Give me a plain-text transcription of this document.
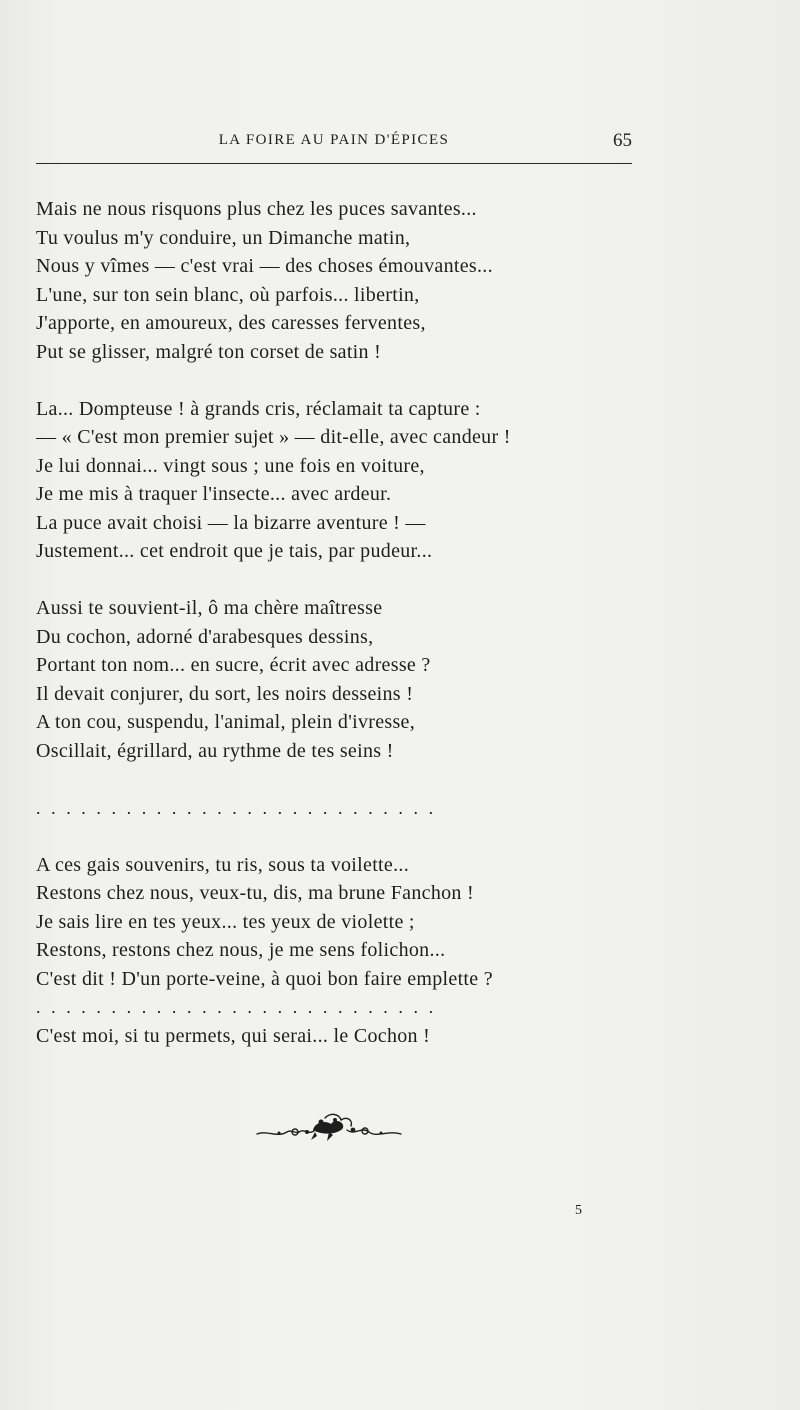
LA FOIRE AU PAIN D'ÉPICES	65
Mais ne nous risquons plus chez les puces savantes...
Tu voulus m'y conduire, un Dimanche matin,
Nous y vîmes — c'est vrai — des choses émouvantes...
L'une, sur ton sein blanc, où parfois... libertin,
J'apporte, en amoureux, des caresses ferventes,
Put se glisser, malgré ton corset de satin !
La... Dompteuse ! à grands cris, réclamait ta capture :
— « C'est mon premier sujet » — dit-elle, avec candeur !
Je lui donnai... vingt sous ; une fois en voiture,
Je me mis à traquer l'insecte... avec ardeur.
La puce avait choisi — la bizarre aventure ! —
Justement... cet endroit que je tais, par pudeur...
Aussi te souvient-il, ô ma chère maîtresse
Du cochon, adorné d'arabesques dessins,
Portant ton nom... en sucre, écrit avec adresse ?
Il devait conjurer, du sort, les noirs desseins !
A ton cou, suspendu, l'animal, plein d'ivresse,
Oscillait, égrillard, au rythme de tes seins !
...........................
A ces gais souvenirs, tu ris, sous ta voilette...
Restons chez nous, veux-tu, dis, ma brune Fanchon !
Je sais lire en tes yeux... tes yeux de violette ;
Restons, restons chez nous, je me sens folichon...
C'est dit ! D'un porte-veine, à quoi bon faire emplette ?
...........................
C'est moi, si tu permets, qui serai... le Cochon !
5
